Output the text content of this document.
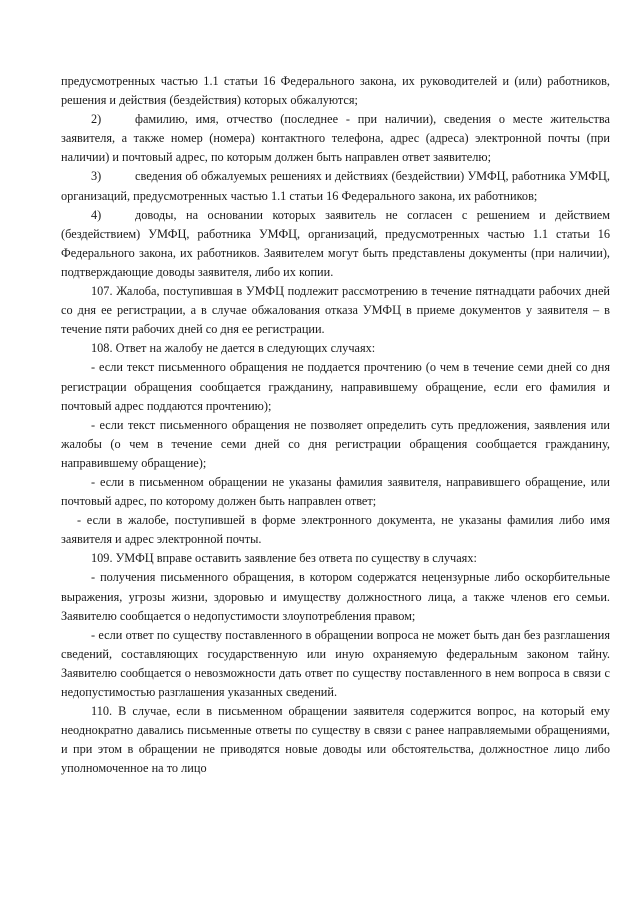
предусмотренных частью 1.1 статьи 16 Федерального закона, их руководителей и (или) работников, решения и действия (бездействия) которых обжалуются;

2)	фамилию, имя, отчество (последнее - при наличии), сведения о месте жительства заявителя, а также номер (номера) контактного телефона, адрес (адреса) электронной почты (при наличии) и почтовый адрес, по которым должен быть направлен ответ заявителю;

3)	сведения об обжалуемых решениях и действиях (бездействии) УМФЦ, работника УМФЦ, организаций, предусмотренных частью 1.1 статьи 16 Федерального закона, их работников;

4)	доводы, на основании которых заявитель не согласен с решением и действием (бездействием) УМФЦ, работника УМФЦ, организаций, предусмотренных частью 1.1 статьи 16 Федерального закона, их работников. Заявителем могут быть представлены документы (при наличии), подтверждающие доводы заявителя, либо их копии.

107. Жалоба, поступившая в УМФЦ подлежит рассмотрению в течение пятнадцати рабочих дней со дня ее регистрации, а в случае обжалования отказа УМФЦ в приеме документов у заявителя – в течение пяти рабочих дней со дня ее регистрации.

108. Ответ на жалобу не дается в следующих случаях:

- если текст письменного обращения не поддается прочтению (о чем в течение семи дней со дня регистрации обращения сообщается гражданину, направившему обращение, если его фамилия и почтовый адрес поддаются прочтению);

- если текст письменного обращения не позволяет определить суть предложения, заявления или жалобы (о чем в течение семи дней со дня регистрации обращения сообщается гражданину, направившему обращение);

- если в письменном обращении не указаны фамилия заявителя, направившего обращение, или почтовый адрес, по которому должен быть направлен ответ;

- если в жалобе, поступившей в форме электронного документа, не указаны фамилия либо имя заявителя и адрес электронной почты.

109. УМФЦ вправе оставить заявление без ответа по существу в случаях:

- получения письменного обращения, в котором содержатся нецензурные либо оскорбительные выражения, угрозы жизни, здоровью и имуществу должностного лица, а также членов его семьи. Заявителю сообщается о недопустимости злоупотребления правом;

- если ответ по существу поставленного в обращении вопроса не может быть дан без разглашения сведений, составляющих государственную или иную охраняемую федеральным законом тайну. Заявителю сообщается о невозможности дать ответ по существу поставленного в нем вопроса в связи с недопустимостью разглашения указанных сведений.

110. В случае, если в письменном обращении заявителя содержится вопрос, на который ему неоднократно давались письменные ответы по существу в связи с ранее направляемыми обращениями, и при этом в обращении не приводятся новые доводы или обстоятельства, должностное лицо либо уполномоченное на то лицо
